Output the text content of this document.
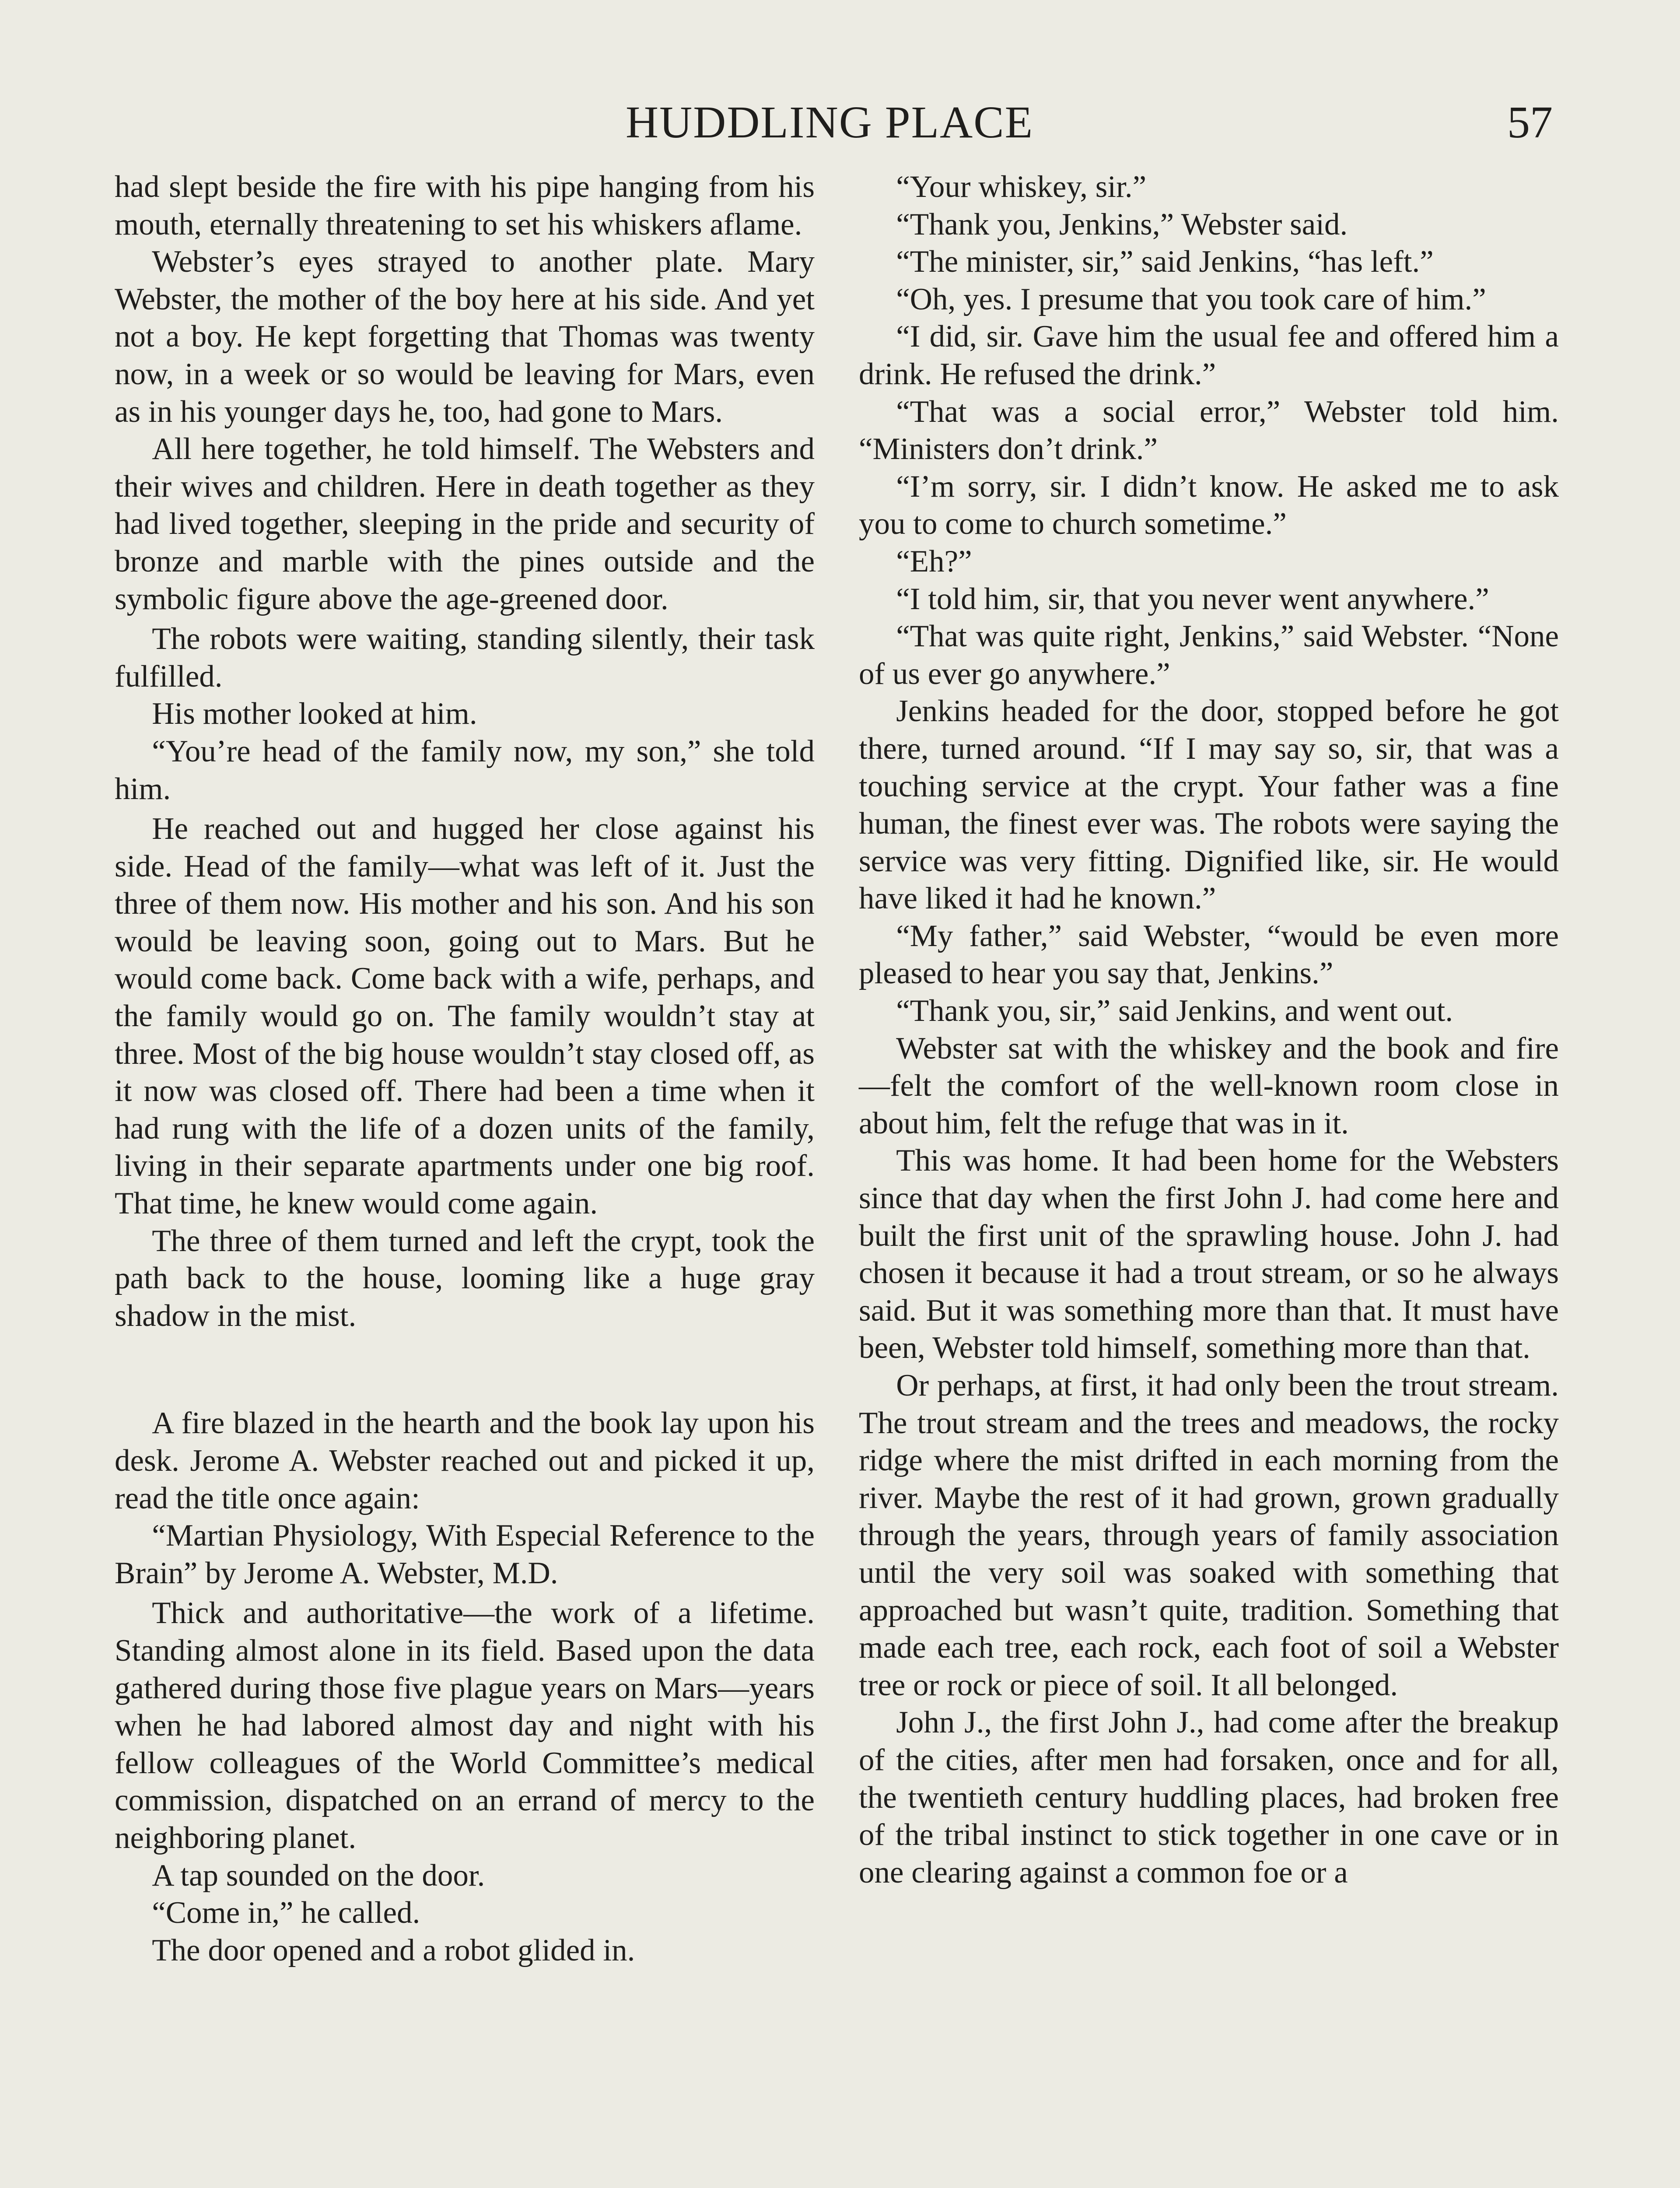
HUDDLING PLACE	57

had slept beside the fire with his pipe hanging from his mouth, eternally threatening to set his whiskers aflame.

Webster’s eyes strayed to another plate. Mary Webster, the mother of the boy here at his side. And yet not a boy. He kept forgetting that Thomas was twenty now, in a week or so would be leaving for Mars, even as in his younger days he, too, had gone to Mars.

All here together, he told himself. The Websters and their wives and children. Here in death together as they had lived together, sleeping in the pride and security of bronze and marble with the pines outside and the symbolic figure above the age-greened door.

The robots were waiting, standing silently, their task fulfilled.

His mother looked at him.

“You’re head of the family now, my son,” she told him.

He reached out and hugged her close against his side. Head of the family—what was left of it. Just the three of them now. His mother and his son. And his son would be leaving soon, going out to Mars. But he would come back. Come back with a wife, perhaps, and the family would go on. The family wouldn’t stay at three. Most of the big house wouldn’t stay closed off, as it now was closed off. There had been a time when it had rung with the life of a dozen units of the family, living in their separate apartments under one big roof. That time, he knew would come again.

The three of them turned and left the crypt, took the path back to the house, looming like a huge gray shadow in the mist.

A fire blazed in the hearth and the book lay upon his desk. Jerome A. Webster reached out and picked it up, read the title once again:

“Martian Physiology, With Especial Reference to the Brain” by Jerome A. Webster, M.D.

Thick and authoritative—the work of a lifetime. Standing almost alone in its field. Based upon the data gathered during those five plague years on Mars—years when he had labored almost day and night with his fellow colleagues of the World Committee’s medical commission, dispatched on an errand of mercy to the neighboring planet.

A tap sounded on the door.

“Come in,” he called.

The door opened and a robot glided in.

“Your whiskey, sir.”

“Thank you, Jenkins,” Webster said.

“The minister, sir,” said Jenkins, “has left.”

“Oh, yes. I presume that you took care of him.”

“I did, sir. Gave him the usual fee and offered him a drink. He refused the drink.”

“That was a social error,” Webster told him. “Ministers don’t drink.”

“I’m sorry, sir. I didn’t know. He asked me to ask you to come to church sometime.”

“Eh?”

“I told him, sir, that you never went anywhere.”

“That was quite right, Jenkins,” said Webster. “None of us ever go anywhere.”

Jenkins headed for the door, stopped before he got there, turned around. “If I may say so, sir, that was a touching service at the crypt. Your father was a fine human, the finest ever was. The robots were saying the service was very fitting. Dignified like, sir. He would have liked it had he known.”

“My father,” said Webster, “would be even more pleased to hear you say that, Jenkins.”

“Thank you, sir,” said Jenkins, and went out.

Webster sat with the whiskey and the book and fire—felt the comfort of the well-known room close in about him, felt the refuge that was in it.

This was home. It had been home for the Websters since that day when the first John J. had come here and built the first unit of the sprawling house. John J. had chosen it because it had a trout stream, or so he always said. But it was something more than that. It must have been, Webster told himself, something more than that.

Or perhaps, at first, it had only been the trout stream. The trout stream and the trees and meadows, the rocky ridge where the mist drifted in each morning from the river. Maybe the rest of it had grown, grown gradually through the years, through years of family association until the very soil was soaked with something that approached but wasn’t quite, tradition. Something that made each tree, each rock, each foot of soil a Webster tree or rock or piece of soil. It all belonged.

John J., the first John J., had come after the breakup of the cities, after men had forsaken, once and for all, the twentieth century huddling places, had broken free of the tribal instinct to stick together in one cave or in one clearing against a common foe or a
